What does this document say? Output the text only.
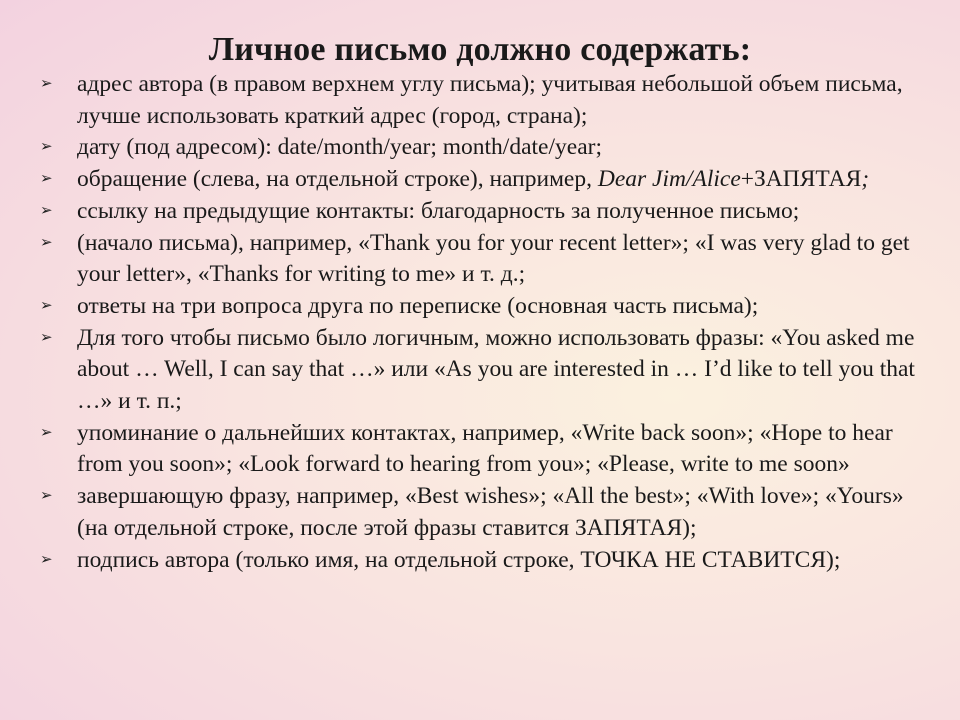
Личное письмо должно содержать:
➢ адрес автора (в правом верхнем углу письма); учитывая небольшой объем письма, лучше использовать краткий адрес (город, страна);
➢ дату (под адресом): date/month/year; month/date/year;
➢ обращение (слева, на отдельной строке), например, Dear Jim/Alice+ЗАПЯТАЯ;
➢ ссылку на предыдущие контакты: благодарность за полученное письмо;
➢ (начало письма), например, «Thank you for your recent letter»; «I was very glad to get your letter», «Thanks for writing to me» и т. д.;
➢ ответы на три вопроса друга по переписке (основная часть письма);
➢ Для того чтобы письмо было логичным, можно использовать фразы: «You asked me about … Well, I can say that …» или «As you are interested in … I’d like to tell you that …» и т. п.;
➢ упоминание о дальнейших контактах, например, «Write back soon»; «Hope to hear from you soon»; «Look forward to hearing from you»; «Please, write to me soon»
➢ завершающую фразу, например, «Best wishes»; «All the best»; «With love»; «Yours» (на отдельной строке, после этой фразы ставится ЗАПЯТАЯ);
➢ подпись автора (только имя, на отдельной строке, ТОЧКА НЕ СТАВИТСЯ);
